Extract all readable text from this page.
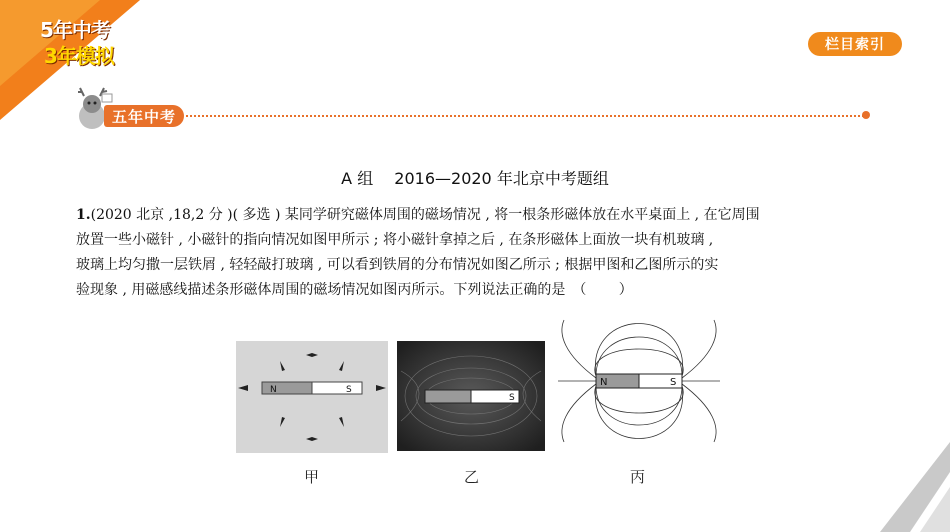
5年中考
3年模拟	栏目索引
五年中考
A 组　 2016—2020 年北京中考题组

1.(2020 北京 ,18,2 分 )( 多选 ) 某同学研究磁体周围的磁场情况 , 将一根条形磁体放在水平桌面上 , 在它周围

放置一些小磁针 , 小磁针的指向情况如图甲所示 ; 将小磁针拿掉之后 , 在条形磁体上面放一块有机玻璃 ,

玻璃上均匀撒一层铁屑 , 轻轻敲打玻璃 , 可以看到铁屑的分布情况如图乙所示 ; 根据甲图和乙图所示的实

验现象 , 用磁感线描述条形磁体周围的磁场情况如图丙所示。下列说法正确的是　（　　 ）

N	S
甲
S
乙
N	S
丙
